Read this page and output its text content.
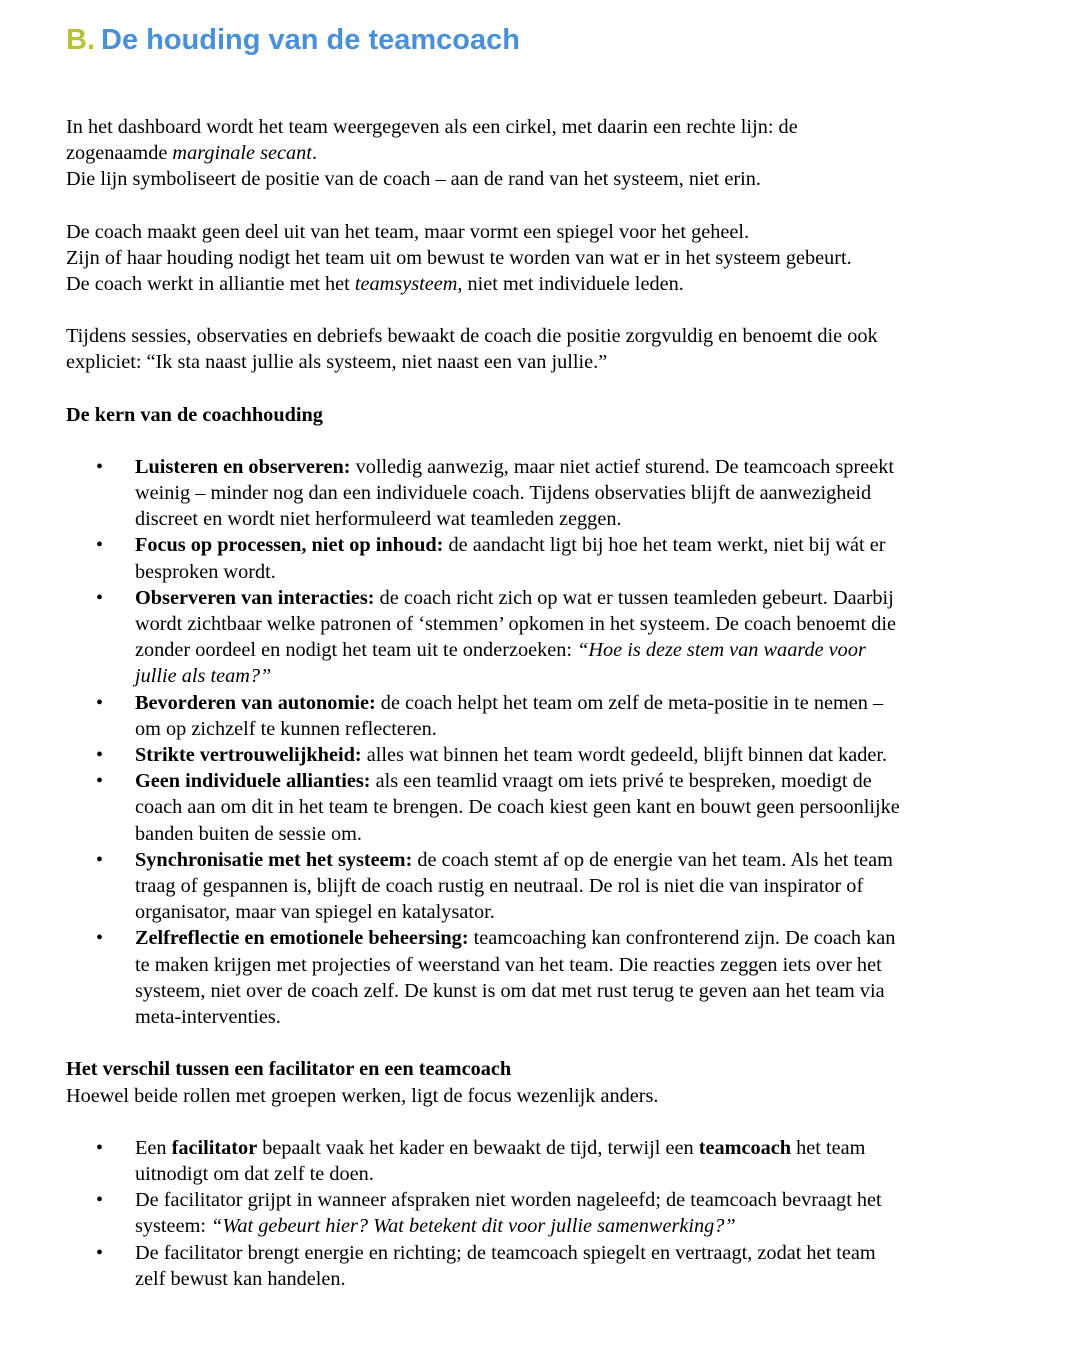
B. De houding van de teamcoach

In het dashboard wordt het team weergegeven als een cirkel, met daarin een rechte lijn: de
zogenaamde marginale secant.
Die lijn symboliseert de positie van de coach – aan de rand van het systeem, niet erin.

De coach maakt geen deel uit van het team, maar vormt een spiegel voor het geheel.
Zijn of haar houding nodigt het team uit om bewust te worden van wat er in het systeem gebeurt.
De coach werkt in alliantie met het teamsysteem, niet met individuele leden.

Tijdens sessies, observaties en debriefs bewaakt de coach die positie zorgvuldig en benoemt die ook
expliciet: “Ik sta naast jullie als systeem, niet naast een van jullie.”

De kern van de coachhouding

• Luisteren en observeren: volledig aanwezig, maar niet actief sturend. De teamcoach spreekt
weinig – minder nog dan een individuele coach. Tijdens observaties blijft de aanwezigheid
discreet en wordt niet herformuleerd wat teamleden zeggen.
• Focus op processen, niet op inhoud: de aandacht ligt bij hoe het team werkt, niet bij wát er
besproken wordt.
• Observeren van interacties: de coach richt zich op wat er tussen teamleden gebeurt. Daarbij
wordt zichtbaar welke patronen of ‘stemmen’ opkomen in het systeem. De coach benoemt die
zonder oordeel en nodigt het team uit te onderzoeken: “Hoe is deze stem van waarde voor
jullie als team?”
• Bevorderen van autonomie: de coach helpt het team om zelf de meta-positie in te nemen –
om op zichzelf te kunnen reflecteren.
• Strikte vertrouwelijkheid: alles wat binnen het team wordt gedeeld, blijft binnen dat kader.
• Geen individuele allianties: als een teamlid vraagt om iets privé te bespreken, moedigt de
coach aan om dit in het team te brengen. De coach kiest geen kant en bouwt geen persoonlijke
banden buiten de sessie om.
• Synchronisatie met het systeem: de coach stemt af op de energie van het team. Als het team
traag of gespannen is, blijft de coach rustig en neutraal. De rol is niet die van inspirator of
organisator, maar van spiegel en katalysator.
• Zelfreflectie en emotionele beheersing: teamcoaching kan confronterend zijn. De coach kan
te maken krijgen met projecties of weerstand van het team. Die reacties zeggen iets over het
systeem, niet over de coach zelf. De kunst is om dat met rust terug te geven aan het team via
meta-interventies.

Het verschil tussen een facilitator en een teamcoach

Hoewel beide rollen met groepen werken, ligt de focus wezenlijk anders.

• Een facilitator bepaalt vaak het kader en bewaakt de tijd, terwijl een teamcoach het team
uitnodigt om dat zelf te doen.
• De facilitator grijpt in wanneer afspraken niet worden nageleefd; de teamcoach bevraagt het
systeem: “Wat gebeurt hier? Wat betekent dit voor jullie samenwerking?”
• De facilitator brengt energie en richting; de teamcoach spiegelt en vertraagt, zodat het team
zelf bewust kan handelen.
